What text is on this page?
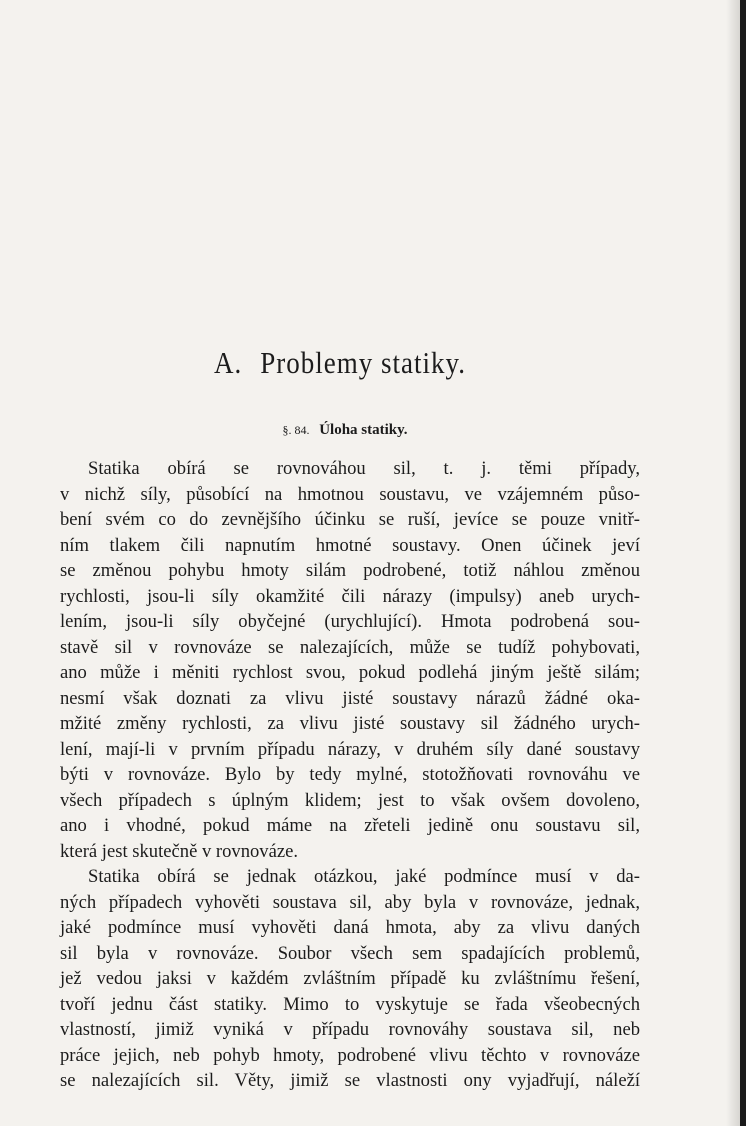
A. Problemy statiky.
§. 84. Úloha statiky.
Statika obírá se rovnováhou sil, t. j. těmi případy,
v nichž síly, působící na hmotnou soustavu, ve vzájemném půso-
bení svém co do zevnějšího účinku se ruší, jevíce se pouze vnitř-
ním tlakem čili napnutím hmotné soustavy. Onen účinek jeví
se změnou pohybu hmoty silám podrobené, totiž náhlou změnou
rychlosti, jsou-li síly okamžité čili nárazy (impulsy) aneb urych-
lením, jsou-li síly obyčejné (urychlující). Hmota podrobená sou-
stavě sil v rovnováze se nalezajících, může se tudíž pohybovati,
ano může i měniti rychlost svou, pokud podlehá jiným ještě silám;
nesmí však doznati za vlivu jisté soustavy nárazů žádné oka-
mžité změny rychlosti, za vlivu jisté soustavy sil žádného urych-
lení, mají-li v prvním případu nárazy, v druhém síly dané soustavy
býti v rovnováze. Bylo by tedy mylné, stotožňovati rovnováhu ve
všech případech s úplným klidem; jest to však ovšem dovoleno,
ano i vhodné, pokud máme na zřeteli jedině onu soustavu sil,
která jest skutečně v rovnováze.
Statika obírá se jednak otázkou, jaké podmínce musí v da-
ných případech vyhověti soustava sil, aby byla v rovnováze, jednak,
jaké podmínce musí vyhověti daná hmota, aby za vlivu daných
sil byla v rovnováze. Soubor všech sem spadajících problemů,
jež vedou jaksi v každém zvláštním případě ku zvláštnímu řešení,
tvoří jednu část statiky. Mimo to vyskytuje se řada všeobecných
vlastností, jimiž vyniká v případu rovnováhy soustava sil, neb
práce jejich, neb pohyb hmoty, podrobené vlivu těchto v rovnováze
se nalezajících sil. Věty, jimiž se vlastnosti ony vyjadřují, náleží
